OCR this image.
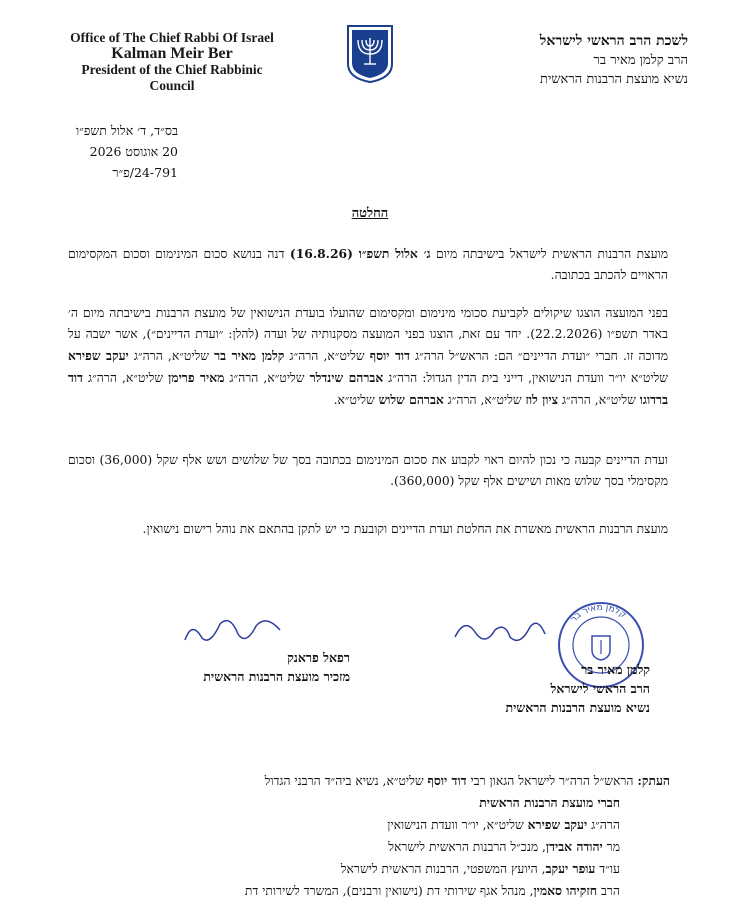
Office of The Chief Rabbi Of Israel
Kalman Meir Ber
President of the Chief Rabbinic Council
לשכת הרב הראשי לישראל
הרב קלמן מאיר בר
נשיא מועצת הרבנות הראשית
בס״ד, ד׳ אלול תשפ״ו
20 אוגוסט 2026
24-791/פ״ר
החלטה
מועצת הרבנות הראשית לישראל בישיבתה מיום ג׳ אלול תשפ״ו (16.8.26) דנה בנושא סכום המינימום וסכום המקסימום הראויים להכתב בכתובה.
בפני המועצה הוצגו שיקולים לקביעת סכומי מינימום ומקסימום שהועלו בועדת הנישואין של מועצת הרבנות בישיבתה מיום ה׳ באדר תשפ״ו (22.2.2026). יחד עם זאת, הוצגו בפני המועצה מסקנותיה של ועדה (להלן: ״ועדת הדיינים״), אשר ישבה על מדוכה זו. חברי ״ועדת הדיינים״ הם: הראש״ל הרה״ג דוד יוסף שליט״א, הרה״ג קלמן מאיר בר שליט״א, הרה״ג יעקב שפירא שליט״א יו״ר וועדת הנישואין, דייני בית הדין הגדול: הרה״ג אברהם שינדלר שליט״א, הרה״ג מאיר פרימן שליט״א, הרה״ג דוד ברדוגו שליט״א, הרה״ג ציון לוז שליט״א, הרה״ג אברהם שלוש שליט״א.
ועדת הדיינים קבעה כי נכון להיום ראוי לקבוע את סכום המינימום בכתובה בסך של שלושים ושש אלף שקל (36,000) וסכום מקסימלי בסך שלוש מאות ושישים אלף שקל (360,000).
מועצת הרבנות הראשית מאשרת את החלטת ועדת הדיינים וקובעת כי יש לתקן בהתאם את נוהל רישום נישואין.
קלמן מאיר בר
קלמן מאיר בר
הרב הראשי לישראל
נשיא מועצת הרבנות הראשית
רפאל פראנק
מזכיר מועצת הרבנות הראשית
העתק: הראש״ל הרה״ר לישראל הגאון רבי דוד יוסף שליט״א, נשיא ביה״ד הרבני הגדול
חברי מועצת הרבנות הראשית
הרה״ג יעקב שפירא שליט״א, יו״ר וועדת הנישואין
מר יהודה אבידן, מנכ״ל הרבנות הראשית לישראל
עו״ד עופר יעקב, היועץ המשפטי, הרבנות הראשית לישראל
הרב חזקיהו סאמין, מנהל אגף שירותי דת (נישואין ורבנים), המשרד לשירותי דת
